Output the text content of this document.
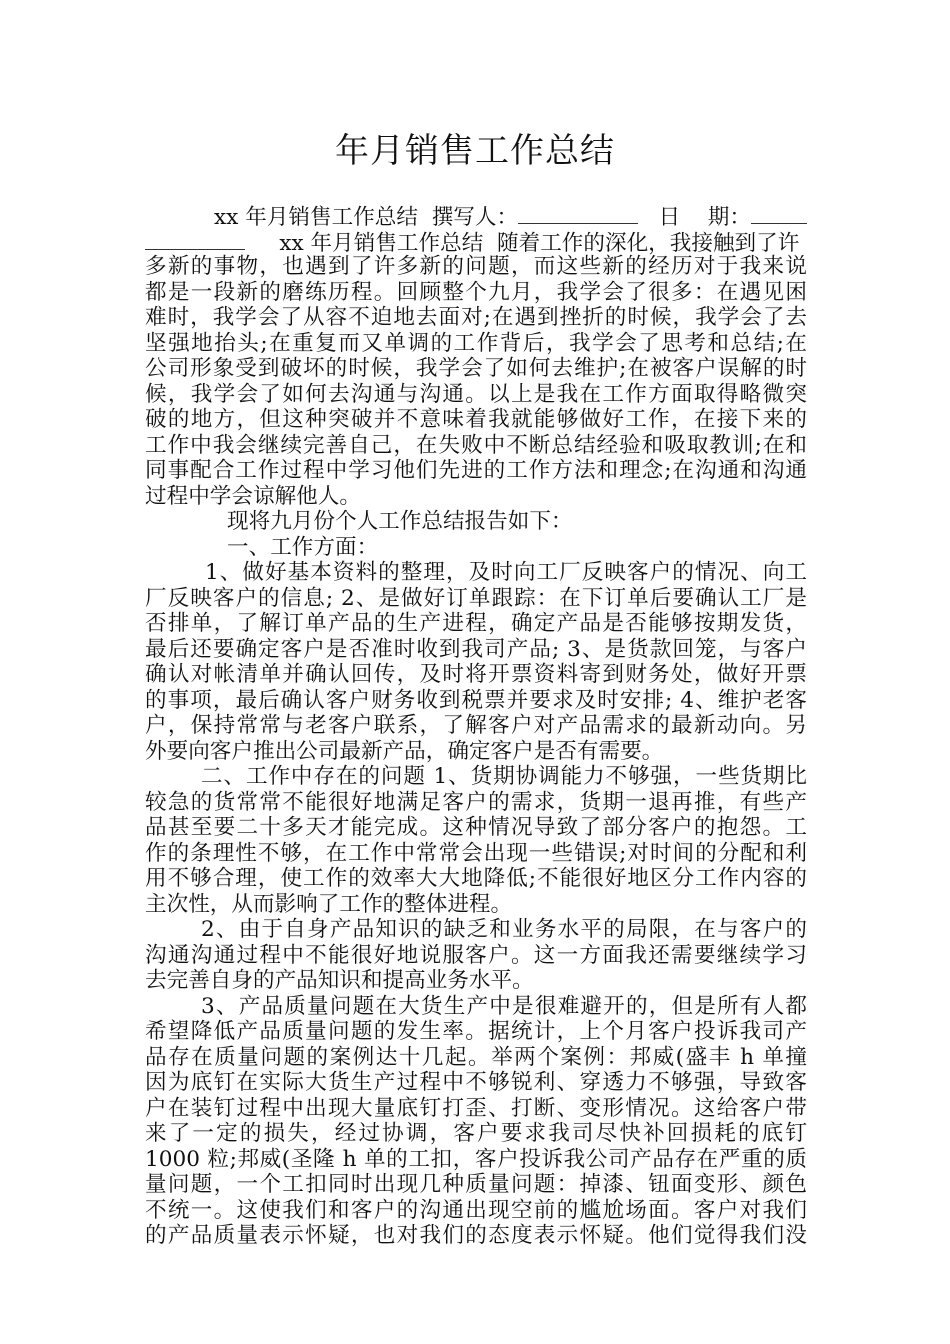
年月销售工作总结
xx 年月销售工作总结  撰写人：	日    期：
xx 年月销售工作总结  随着工作的深化，我接触到了许
多新的事物，也遇到了许多新的问题，而这些新的经历对于我来说
都是一段新的磨练历程。回顾整个九月，我学会了很多：在遇见困
难时，我学会了从容不迫地去面对;在遇到挫折的时候，我学会了去
坚强地抬头;在重复而又单调的工作背后，我学会了思考和总结;在
公司形象受到破坏的时候，我学会了如何去维护;在被客户误解的时
候，我学会了如何去沟通与沟通。以上是我在工作方面取得略微突
破的地方，但这种突破并不意味着我就能够做好工作，在接下来的
工作中我会继续完善自己，在失败中不断总结经验和吸取教训;在和
同事配合工作过程中学习他们先进的工作方法和理念;在沟通和沟通
过程中学会谅解他人。
现将九月份个人工作总结报告如下：
一、工作方面：
1、做好基本资料的整理，及时向工厂反映客户的情况、向工
厂反映客户的信息; 2、是做好订单跟踪：在下订单后要确认工厂是
否排单，了解订单产品的生产进程，确定产品是否能够按期发货，
最后还要确定客户是否准时收到我司产品; 3、是货款回笼，与客户
确认对帐清单并确认回传，及时将开票资料寄到财务处，做好开票
的事项，最后确认客户财务收到税票并要求及时安排; 4、维护老客
户，保持常常与老客户联系，了解客户对产品需求的最新动向。另
外要向客户推出公司最新产品，确定客户是否有需要。
二、工作中存在的问题 1、货期协调能力不够强，一些货期比
较急的货常常不能很好地满足客户的需求，货期一退再推，有些产
品甚至要二十多天才能完成。这种情况导致了部分客户的抱怨。工
作的条理性不够，在工作中常常会出现一些错误;对时间的分配和利
用不够合理，使工作的效率大大地降低;不能很好地区分工作内容的
主次性，从而影响了工作的整体进程。
2、由于自身产品知识的缺乏和业务水平的局限，在与客户的
沟通沟通过程中不能很好地说服客户。这一方面我还需要继续学习
去完善自身的产品知识和提高业务水平。
3、产品质量问题在大货生产中是很难避开的，但是所有人都
希望降低产品质量问题的发生率。据统计，上个月客户投诉我司产
品存在质量问题的案例达十几起。举两个案例：邦威(盛丰 h 单撞
因为底钉在实际大货生产过程中不够锐利、穿透力不够强，导致客
户在装钉过程中出现大量底钉打歪、打断、变形情况。这给客户带
来了一定的损失，经过协调，客户要求我司尽快补回损耗的底钉
1000 粒;邦威(圣隆 h 单的工扣，客户投诉我公司产品存在严重的质
量问题，一个工扣同时出现几种质量问题：掉漆、钮面变形、颜色
不统一。这使我们和客户的沟通出现空前的尴尬场面。客户对我们
的产品质量表示怀疑，也对我们的态度表示怀疑。他们觉得我们没
